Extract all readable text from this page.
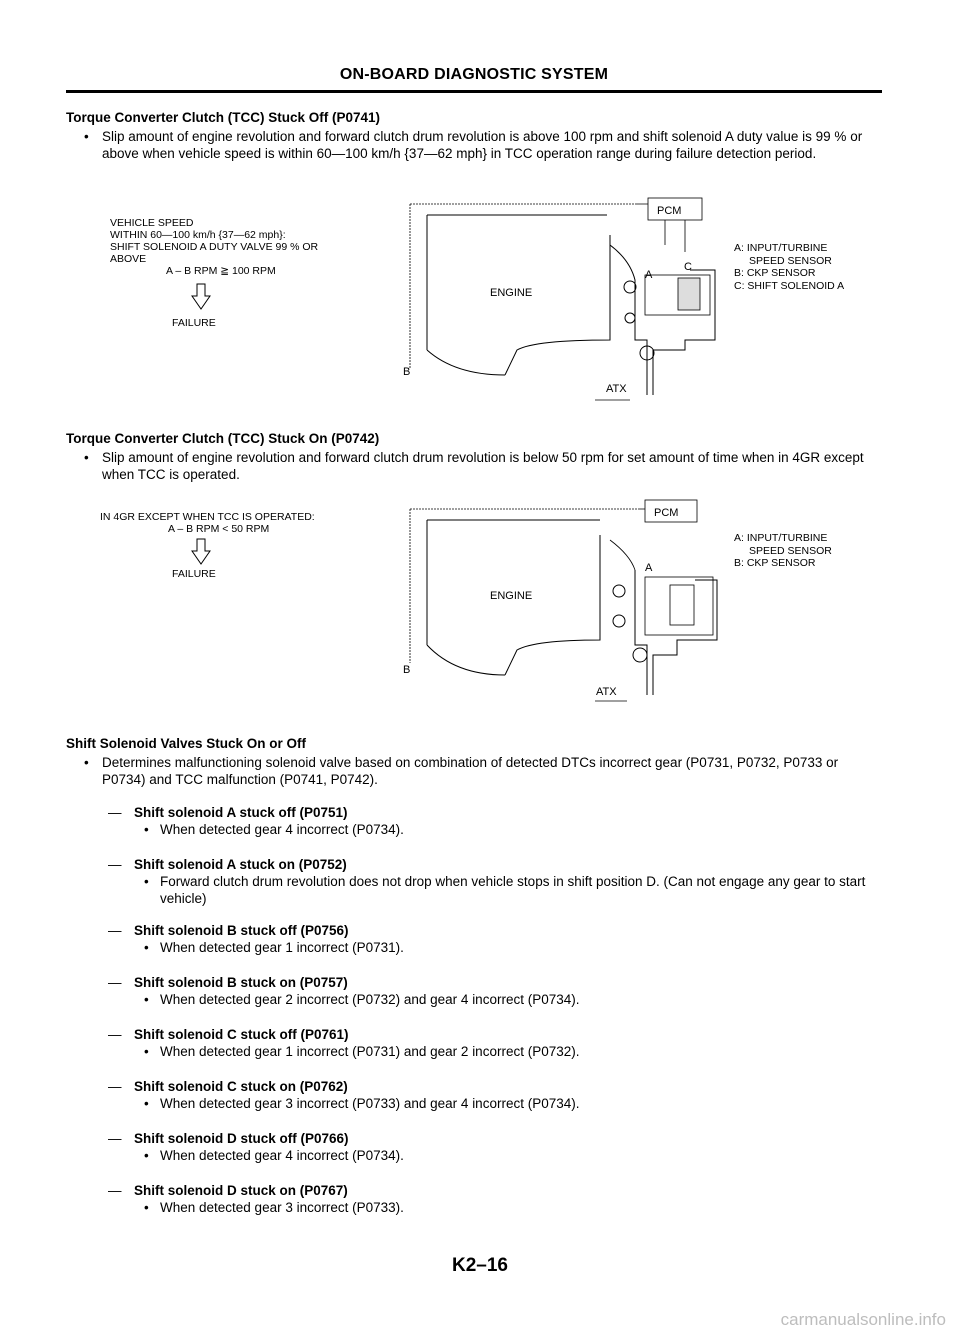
ON-BOARD DIAGNOSTIC SYSTEM
Torque Converter Clutch (TCC) Stuck Off (P0741)
• Slip amount of engine revolution and forward clutch drum revolution is above 100 rpm and shift solenoid A duty value is 99 % or above when vehicle speed is within 60—100 km/h {37—62 mph} in TCC operation range during failure detection period.
VEHICLE SPEED
WITHIN 60—100 km/h {37—62 mph}:
SHIFT SOLENOID A DUTY VALVE 99 % OR
ABOVE
A – B RPM ≧ 100 RPM
FAILURE
ENGINE
B
PCM
A
C
ATX
A: INPUT/TURBINE
SPEED SENSOR
B: CKP SENSOR
C: SHIFT SOLENOID A
Torque Converter Clutch (TCC) Stuck On (P0742)
• Slip amount of engine revolution and forward clutch drum revolution is below 50 rpm for set amount of time when in 4GR except when TCC is operated.
IN 4GR EXCEPT WHEN TCC IS OPERATED:
A – B RPM < 50 RPM
FAILURE
ENGINE
B
PCM
A
ATX
A: INPUT/TURBINE
SPEED SENSOR
B: CKP SENSOR
Shift Solenoid Valves Stuck On or Off
• Determines malfunctioning solenoid valve based on combination of detected DTCs incorrect gear (P0731, P0732, P0733 or P0734) and TCC malfunction (P0741, P0742).
— Shift solenoid A stuck off (P0751)
• When detected gear 4 incorrect (P0734).
— Shift solenoid A stuck on (P0752)
• Forward clutch drum revolution does not drop when vehicle stops in shift position D. (Can not engage any gear to start vehicle)
— Shift solenoid B stuck off (P0756)
• When detected gear 1 incorrect (P0731).
— Shift solenoid B stuck on (P0757)
• When detected gear 2 incorrect (P0732) and gear 4 incorrect (P0734).
— Shift solenoid C stuck off (P0761)
• When detected gear 1 incorrect (P0731) and gear 2 incorrect (P0732).
— Shift solenoid C stuck on (P0762)
• When detected gear 3 incorrect (P0733) and gear 4 incorrect (P0734).
— Shift solenoid D stuck off (P0766)
• When detected gear 4 incorrect (P0734).
— Shift solenoid D stuck on (P0767)
• When detected gear 3 incorrect (P0733).
K2–16
carmanualsonline.info
